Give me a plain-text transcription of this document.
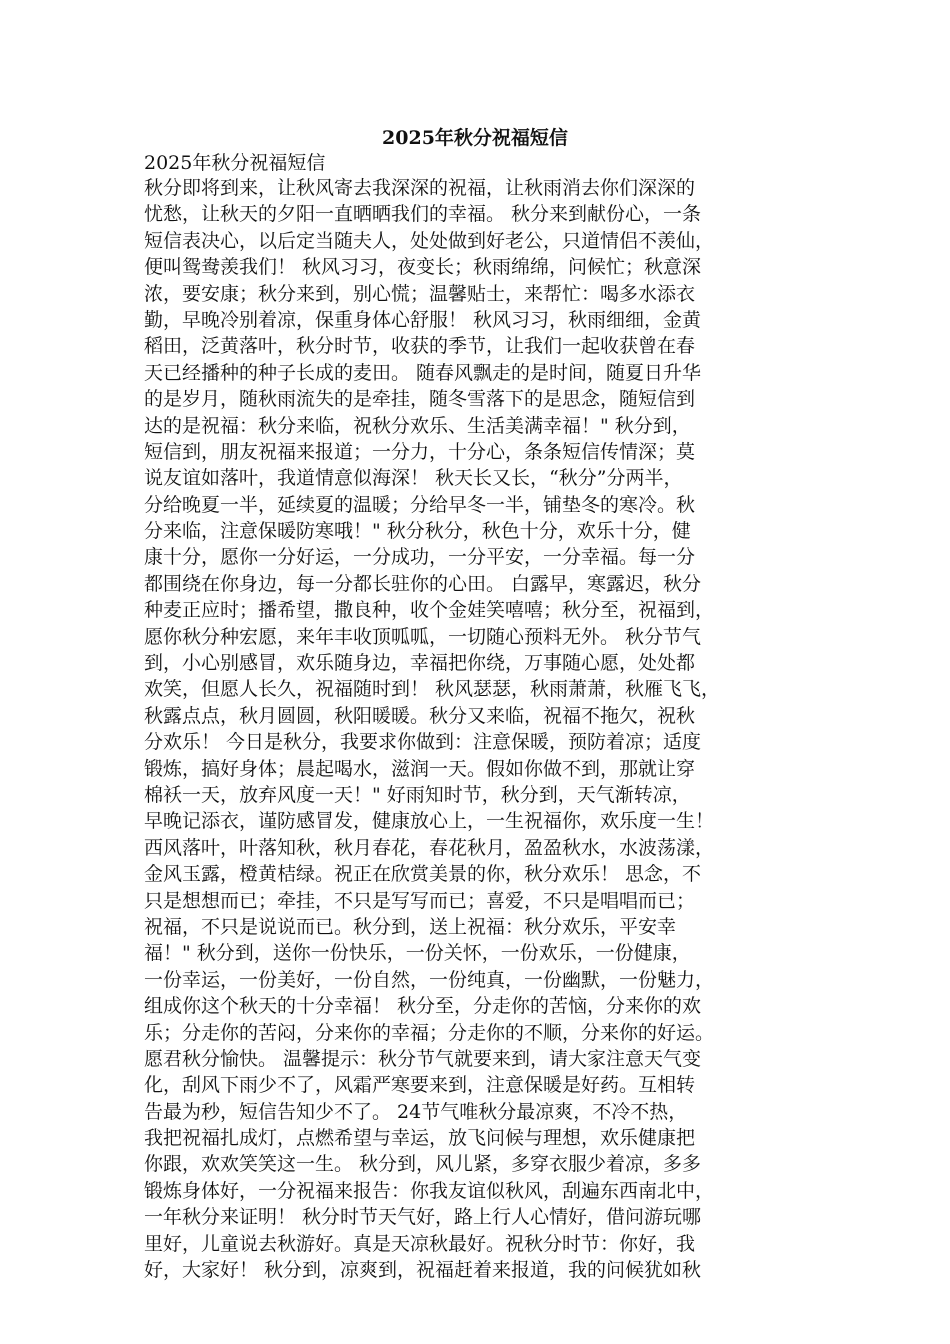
2025年秋分祝福短信
2025年秋分祝福短信
秋分即将到来，让秋风寄去我深深的祝福，让秋雨消去你们深深的
忧愁，让秋天的夕阳一直晒晒我们的幸福。 秋分来到献份心，一条
短信表决心，以后定当随夫人，处处做到好老公，只道情侣不羡仙，
便叫鸳鸯羡我们！ 秋风习习，夜变长；秋雨绵绵，问候忙；秋意深
浓，要安康；秋分来到，别心慌；温馨贴士，来帮忙：喝多水添衣
勤，早晚冷别着凉，保重身体心舒服！ 秋风习习，秋雨细细，金黄
稻田，泛黄落叶，秋分时节，收获的季节，让我们一起收获曾在春
天已经播种的种子长成的麦田。 随春风飘走的是时间，随夏日升华
的是岁月，随秋雨流失的是牵挂，随冬雪落下的是思念，随短信到
达的是祝福：秋分来临，祝秋分欢乐、生活美满幸福！" 秋分到，
短信到，朋友祝福来报道；一分力，十分心，条条短信传情深；莫
说友谊如落叶，我道情意似海深！ 秋天长又长，“秋分”分两半，
分给晚夏一半，延续夏的温暖；分给早冬一半，铺垫冬的寒冷。秋
分来临，注意保暖防寒哦！" 秋分秋分，秋色十分，欢乐十分，健
康十分，愿你一分好运，一分成功，一分平安，一分幸福。每一分
都围绕在你身边，每一分都长驻你的心田。 白露早，寒露迟，秋分
种麦正应时；播希望，撒良种，收个金娃笑嘻嘻；秋分至，祝福到，
愿你秋分种宏愿，来年丰收顶呱呱，一切随心预料无外。 秋分节气
到，小心别感冒，欢乐随身边，幸福把你绕，万事随心愿，处处都
欢笑，但愿人长久，祝福随时到！ 秋风瑟瑟，秋雨萧萧，秋雁飞飞，
秋露点点，秋月圆圆，秋阳暖暖。秋分又来临，祝福不拖欠，祝秋
分欢乐！ 今日是秋分，我要求你做到：注意保暖，预防着凉；适度
锻炼，搞好身体；晨起喝水，滋润一天。假如你做不到，那就让穿
棉袄一天，放弃风度一天！" 好雨知时节，秋分到，天气渐转凉，
早晚记添衣，谨防感冒发，健康放心上，一生祝福你，欢乐度一生！
西风落叶，叶落知秋，秋月春花，春花秋月，盈盈秋水，水波荡漾，
金风玉露，橙黄桔绿。祝正在欣赏美景的你，秋分欢乐！ 思念，不
只是想想而已；牵挂，不只是写写而已；喜爱，不只是唱唱而已；
祝福，不只是说说而已。秋分到，送上祝福：秋分欢乐，平安幸
福！" 秋分到，送你一份快乐，一份关怀，一份欢乐，一份健康，
一份幸运，一份美好，一份自然，一份纯真，一份幽默，一份魅力，
组成你这个秋天的十分幸福！ 秋分至，分走你的苦恼，分来你的欢
乐；分走你的苦闷，分来你的幸福；分走你的不顺，分来你的好运。
愿君秋分愉快。 温馨提示：秋分节气就要来到，请大家注意天气变
化，刮风下雨少不了，风霜严寒要来到，注意保暖是好药。互相转
告最为秒，短信告知少不了。 24节气唯秋分最凉爽，不冷不热，
我把祝福扎成灯，点燃希望与幸运，放飞问候与理想，欢乐健康把
你跟，欢欢笑笑这一生。 秋分到，风儿紧，多穿衣服少着凉，多多
锻炼身体好，一分祝福来报告：你我友谊似秋风，刮遍东西南北中，
一年秋分来证明！ 秋分时节天气好，路上行人心情好，借问游玩哪
里好，儿童说去秋游好。真是天凉秋最好。祝秋分时节：你好，我
好，大家好！ 秋分到，凉爽到，祝福赶着来报道，我的问候犹如秋
